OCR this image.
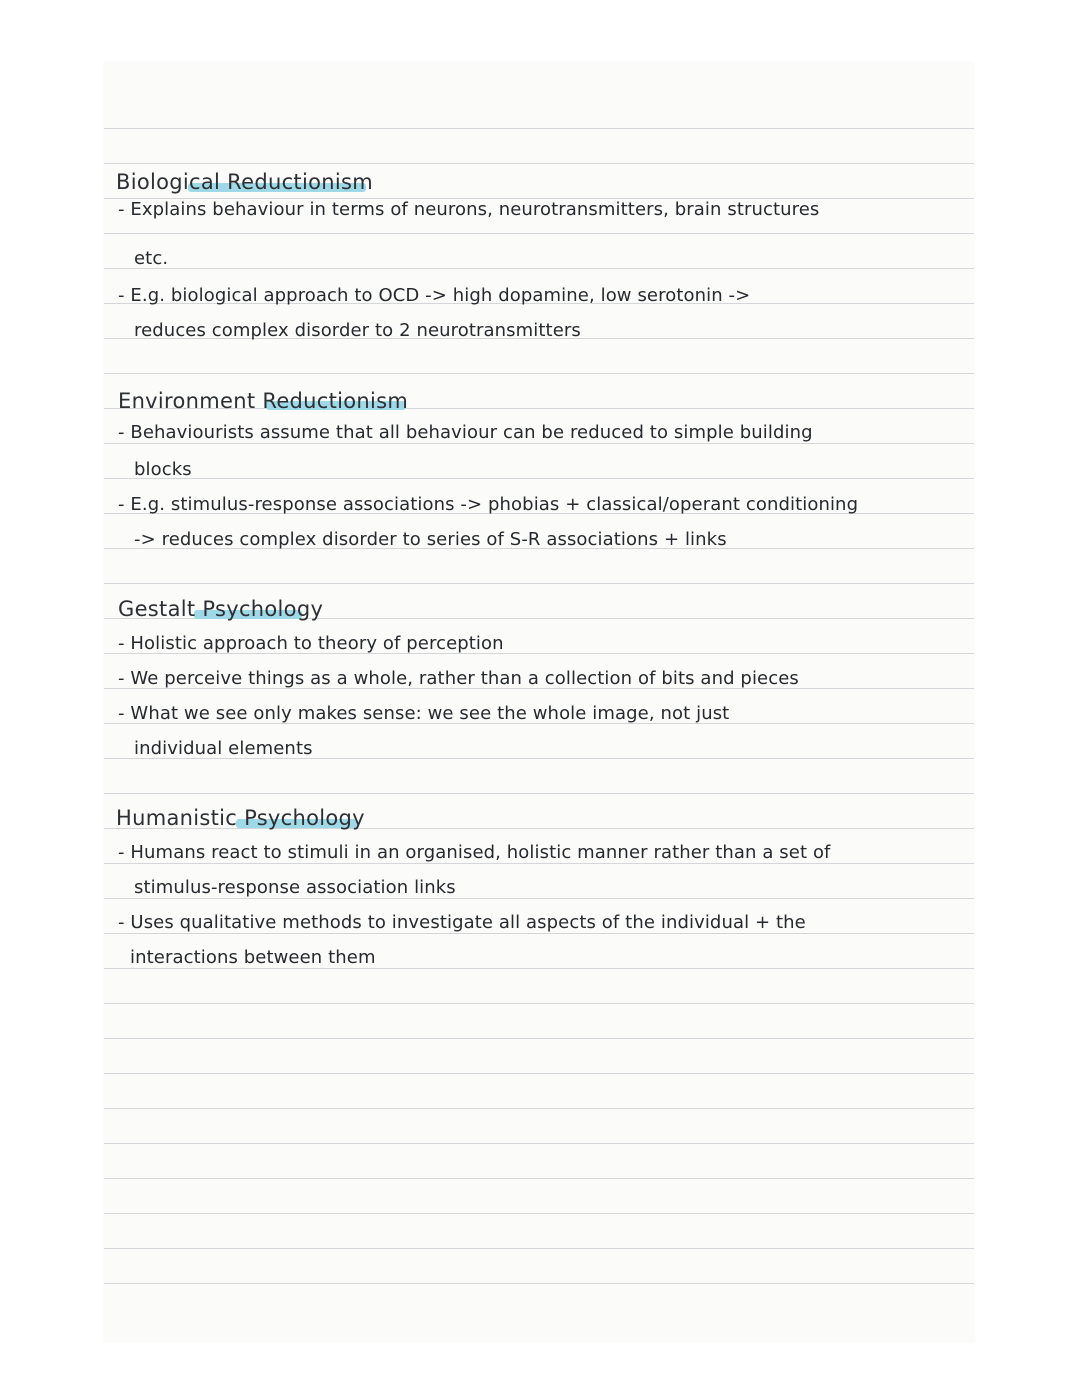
Biological Reductionism
- Explains behaviour in terms of neurons, neurotransmitters, brain structures
etc.
- E.g. biological approach to OCD -> high dopamine, low serotonin ->
reduces complex disorder to 2 neurotransmitters
Environment Reductionism
- Behaviourists assume that all behaviour can be reduced to simple building
blocks
- E.g. stimulus-response associations -> phobias + classical/operant conditioning
-> reduces complex disorder to series of S-R associations + links
Gestalt Psychology
- Holistic approach to theory of perception
- We perceive things as a whole, rather than a collection of bits and pieces
- What we see only makes sense: we see the whole image, not just
individual elements
Humanistic Psychology
- Humans react to stimuli in an organised, holistic manner rather than a set of
stimulus-response association links
- Uses qualitative methods to investigate all aspects of the individual + the
interactions between them
